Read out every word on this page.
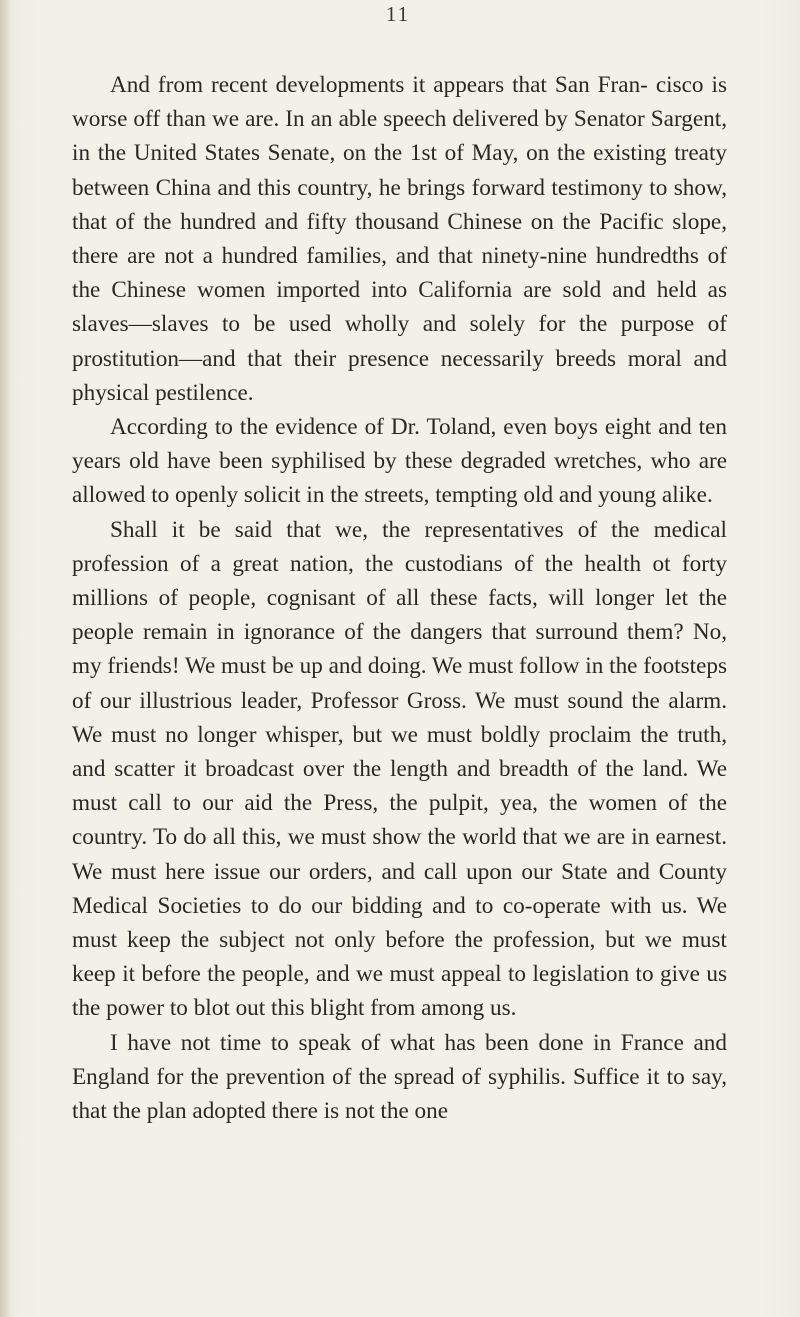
11

And from recent developments it appears that San Fran- cisco is worse off than we are. In an able speech delivered by Senator Sargent, in the United States Senate, on the 1st of May, on the existing treaty between China and this country, he brings forward testimony to show, that of the hundred and fifty thousand Chinese on the Pacific slope, there are not a hundred families, and that ninety-nine hundredths of the Chinese women imported into California are sold and held as slaves—slaves to be used wholly and solely for the purpose of prostitution—and that their presence necessarily breeds moral and physical pestilence.

According to the evidence of Dr. Toland, even boys eight and ten years old have been syphilised by these degraded wretches, who are allowed to openly solicit in the streets, tempting old and young alike.

Shall it be said that we, the representatives of the medical profession of a great nation, the custodians of the health ot forty millions of people, cognisant of all these facts, will longer let the people remain in ignorance of the dangers that surround them? No, my friends! We must be up and doing. We must follow in the footsteps of our illustrious leader, Professor Gross. We must sound the alarm. We must no longer whisper, but we must boldly proclaim the truth, and scatter it broadcast over the length and breadth of the land. We must call to our aid the Press, the pulpit, yea, the women of the country. To do all this, we must show the world that we are in earnest. We must here issue our orders, and call upon our State and County Medical Societies to do our bidding and to co-operate with us. We must keep the subject not only before the profession, but we must keep it before the people, and we must appeal to legislation to give us the power to blot out this blight from among us.

I have not time to speak of what has been done in France and England for the prevention of the spread of syphilis. Suffice it to say, that the plan adopted there is not the one
